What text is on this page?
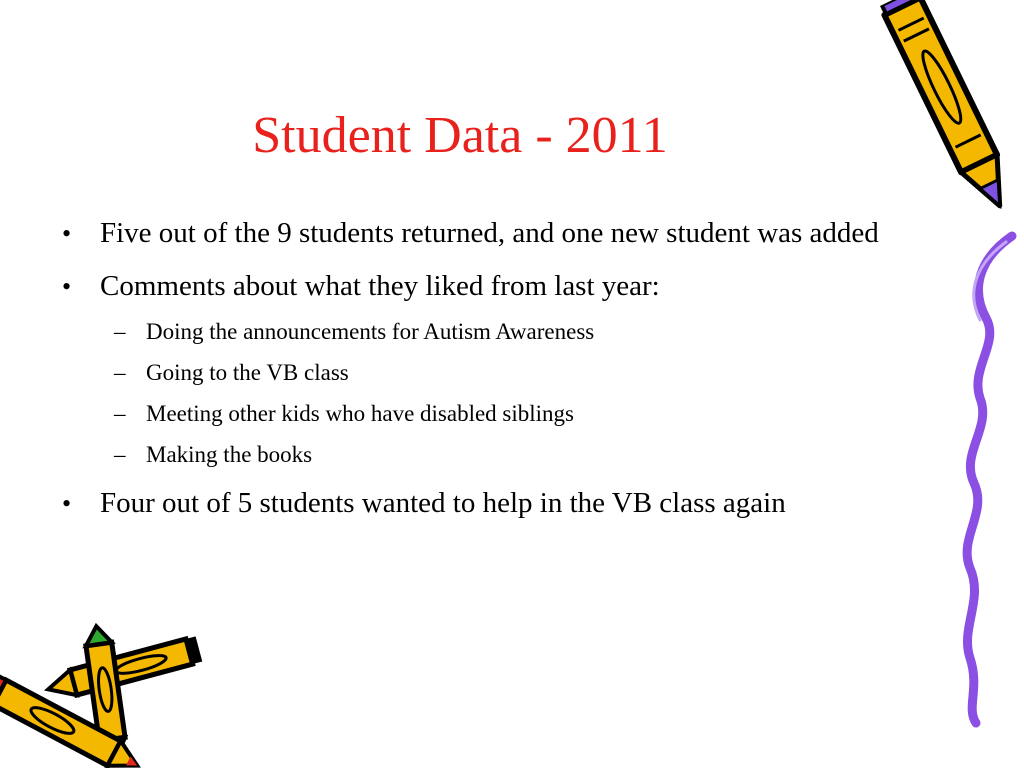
Student Data - 2011
• Five out of the 9 students returned, and one new student was added
• Comments about what they liked from last year:
– Doing the announcements for Autism Awareness
– Going to the VB class
– Meeting other kids who have disabled siblings
– Making the books
• Four out of 5 students wanted to help in the VB class again
